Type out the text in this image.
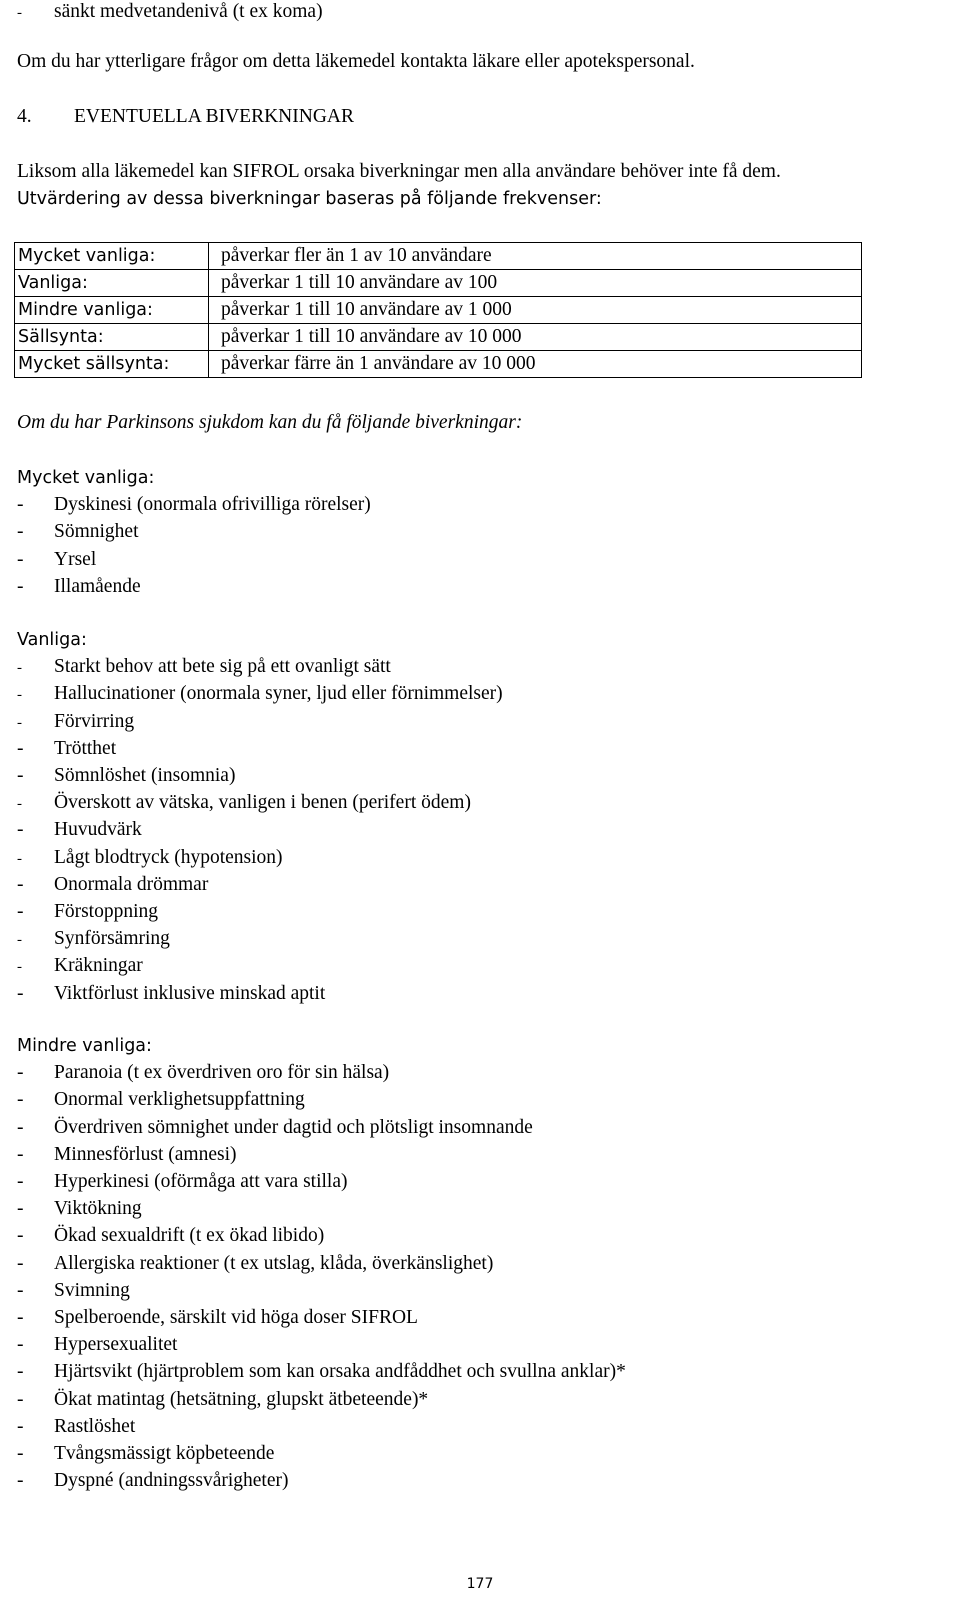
- sänkt medvetandenivå (t ex koma)
Om du har ytterligare frågor om detta läkemedel kontakta läkare eller apotekspersonal.
4. EVENTUELLA BIVERKNINGAR
Liksom alla läkemedel kan SIFROL orsaka biverkningar men alla användare behöver inte få dem.
Utvärdering av dessa biverkningar baseras på följande frekvenser:
Mycket vanliga:	påverkar fler än 1 av 10 användare
Vanliga:	påverkar 1 till 10 användare av 100
Mindre vanliga:	påverkar 1 till 10 användare av 1 000
Sällsynta:	påverkar 1 till 10 användare av 10 000
Mycket sällsynta:	påverkar färre än 1 användare av 10 000
Om du har Parkinsons sjukdom kan du få följande biverkningar:
Mycket vanliga:
- Dyskinesi (onormala ofrivilliga rörelser)
- Sömnighet
- Yrsel
- Illamående
Vanliga:
- Starkt behov att bete sig på ett ovanligt sätt
- Hallucinationer (onormala syner, ljud eller förnimmelser)
- Förvirring
- Trötthet
- Sömnlöshet (insomnia)
- Överskott av vätska, vanligen i benen (perifert ödem)
- Huvudvärk
- Lågt blodtryck (hypotension)
- Onormala drömmar
- Förstoppning
- Synförsämring
- Kräkningar
- Viktförlust inklusive minskad aptit
Mindre vanliga:
- Paranoia (t ex överdriven oro för sin hälsa)
- Onormal verklighetsuppfattning
- Överdriven sömnighet under dagtid och plötsligt insomnande
- Minnesförlust (amnesi)
- Hyperkinesi (oförmåga att vara stilla)
- Viktökning
- Ökad sexualdrift (t ex ökad libido)
- Allergiska reaktioner (t ex utslag, klåda, överkänslighet)
- Svimning
- Spelberoende, särskilt vid höga doser SIFROL
- Hypersexualitet
- Hjärtsvikt (hjärtproblem som kan orsaka andfåddhet och svullna anklar)*
- Ökat matintag (hetsätning, glupskt ätbeteende)*
- Rastlöshet
- Tvångsmässigt köpbeteende
- Dyspné (andningssvårigheter)
177
